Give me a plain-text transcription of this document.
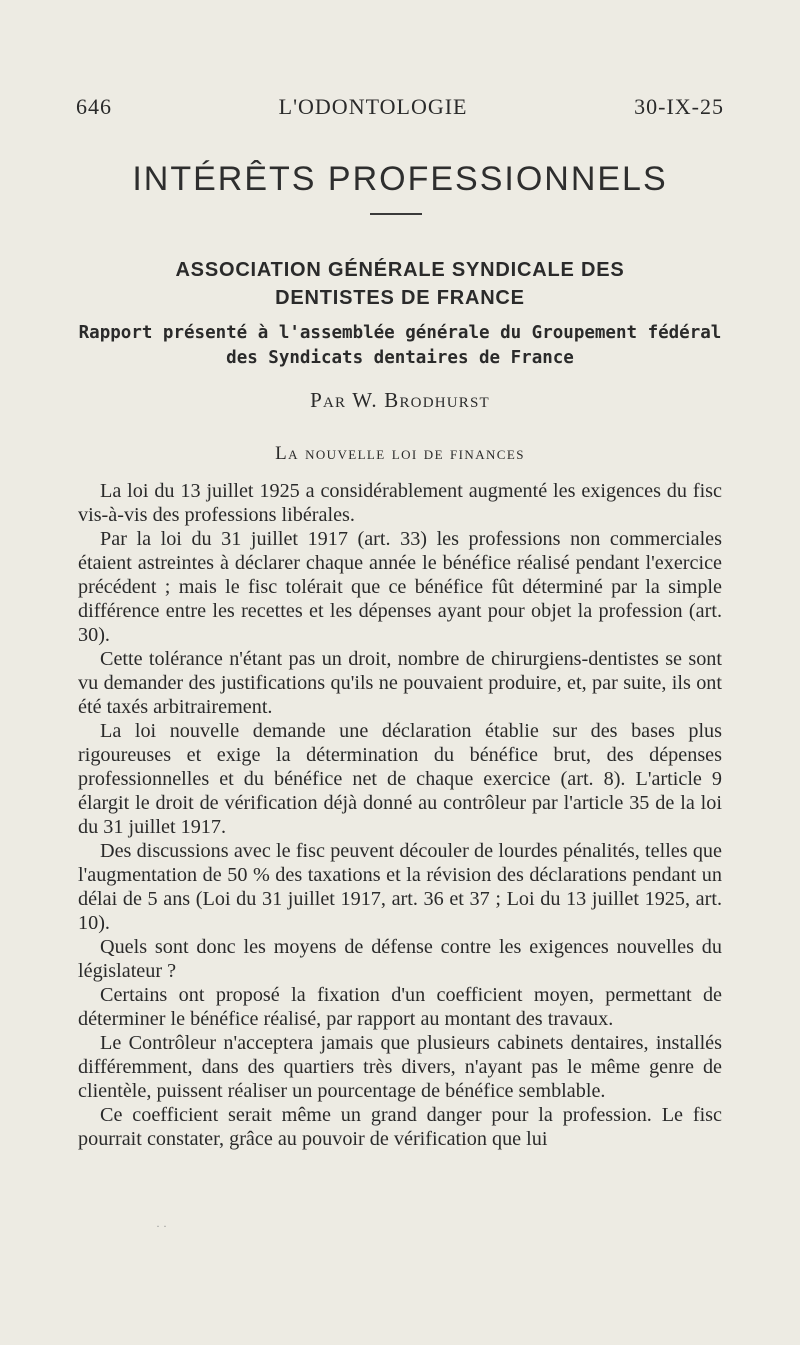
646	L'ODONTOLOGIE	30-IX-25
INTÉRÊTS PROFESSIONNELS
ASSOCIATION GÉNÉRALE SYNDICALE DES
DENTISTES DE FRANCE
Rapport présenté à l'assemblée générale du Groupement fédéral
des Syndicats dentaires de France
Par W. Brodhurst
La nouvelle loi de finances

La loi du 13 juillet 1925 a considérablement augmenté les exigences du fisc vis-à-vis des professions libérales.

Par la loi du 31 juillet 1917 (art. 33) les professions non commerciales étaient astreintes à déclarer chaque année le bénéfice réalisé pendant l'exercice précédent ; mais le fisc tolérait que ce bénéfice fût déterminé par la simple différence entre les recettes et les dépenses ayant pour objet la profession (art. 30).

Cette tolérance n'étant pas un droit, nombre de chirurgiens-dentistes se sont vu demander des justifications qu'ils ne pouvaient produire, et, par suite, ils ont été taxés arbitrairement.

La loi nouvelle demande une déclaration établie sur des bases plus rigoureuses et exige la détermination du bénéfice brut, des dépenses professionnelles et du bénéfice net de chaque exercice (art. 8). L'article 9 élargit le droit de vérification déjà donné au contrôleur par l'article 35 de la loi du 31 juillet 1917.

Des discussions avec le fisc peuvent découler de lourdes pénalités, telles que l'augmentation de 50 % des taxations et la révision des déclarations pendant un délai de 5 ans (Loi du 31 juillet 1917, art. 36 et 37 ; Loi du 13 juillet 1925, art. 10).

Quels sont donc les moyens de défense contre les exigences nouvelles du législateur ?

Certains ont proposé la fixation d'un coefficient moyen, permettant de déterminer le bénéfice réalisé, par rapport au montant des travaux.

Le Contrôleur n'acceptera jamais que plusieurs cabinets dentaires, installés différemment, dans des quartiers très divers, n'ayant pas le même genre de clientèle, puissent réaliser un pourcentage de bénéfice semblable.

Ce coefficient serait même un grand danger pour la profession. Le fisc pourrait constater, grâce au pouvoir de vérification que lui

· ·
